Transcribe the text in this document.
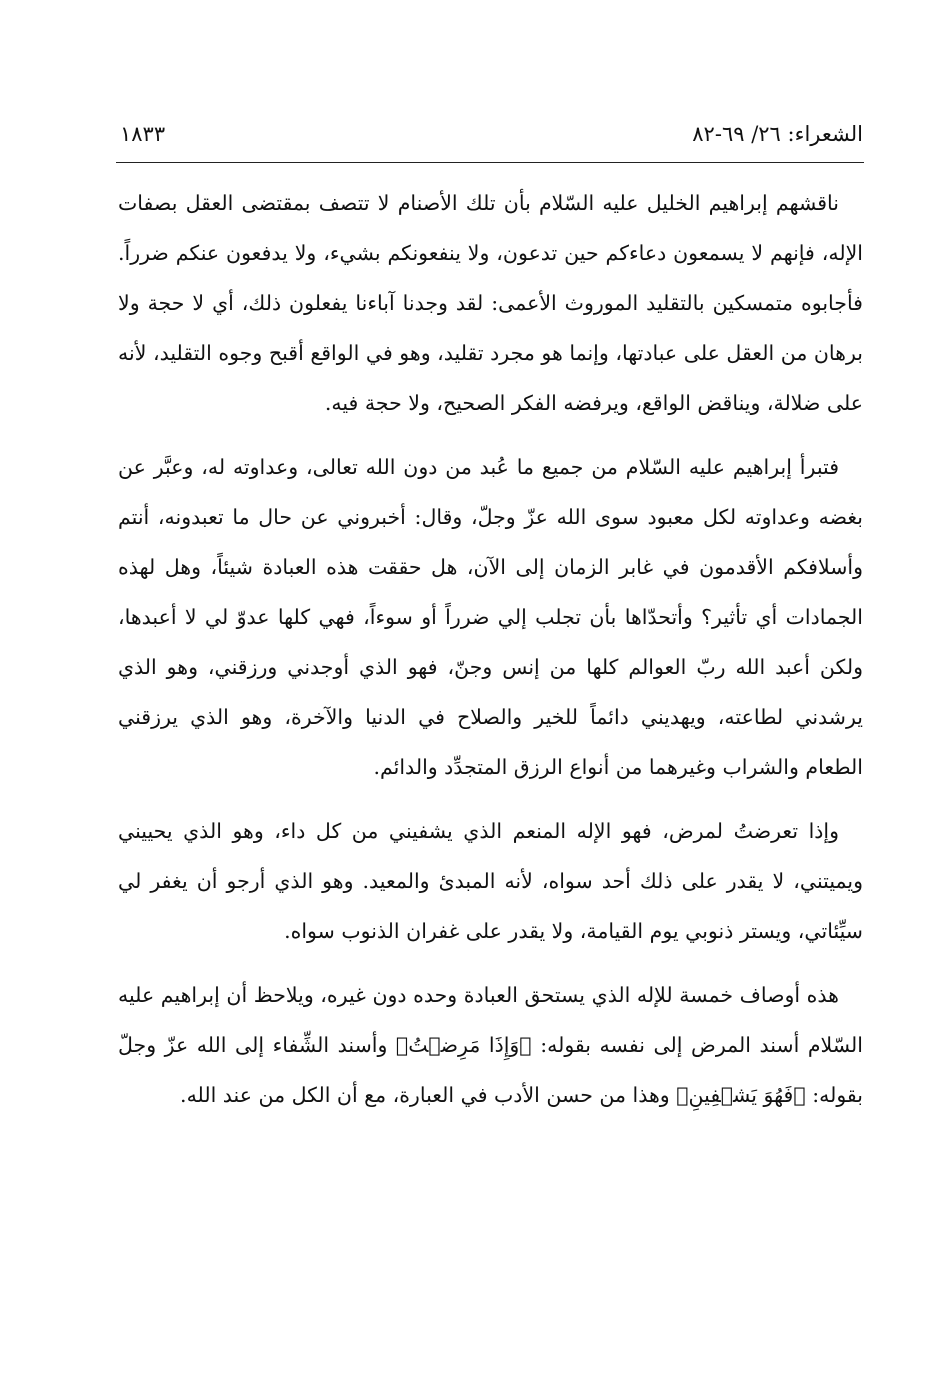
الشعراء: ٢٦/ ٦٩-٨٢
١٨٣٣

ناقشهم إبراهيم الخليل عليه السّلام بأن تلك الأصنام لا تتصف بمقتضى العقل بصفات الإله، فإنهم لا يسمعون دعاءكم حين تدعون، ولا ينفعونكم بشيء، ولا يدفعون عنكم ضرراً. فأجابوه متمسكين بالتقليد الموروث الأعمى: لقد وجدنا آباءنا يفعلون ذلك، أي لا حجة ولا برهان من العقل على عبادتها، وإنما هو مجرد تقليد، وهو في الواقع أقبح وجوه التقليد، لأنه على ضلالة، ويناقض الواقع، ويرفضه الفكر الصحيح، ولا حجة فيه.

فتبرأ إبراهيم عليه السّلام من جميع ما عُبد من دون الله تعالى، وعداوته له، وعبَّر عن بغضه وعداوته لكل معبود سوى الله عزّ وجلّ، وقال: أخبروني عن حال ما تعبدونه، أنتم وأسلافكم الأقدمون في غابر الزمان إلى الآن، هل حققت هذه العبادة شيئاً، وهل لهذه الجمادات أي تأثير؟ وأتحدّاها بأن تجلب إلي ضرراً أو سوءاً، فهي كلها عدوّ لي لا أعبدها، ولكن أعبد الله ربّ العوالم كلها من إنس وجنّ، فهو الذي أوجدني ورزقني، وهو الذي يرشدني لطاعته، ويهديني دائماً للخير والصلاح في الدنيا والآخرة، وهو الذي يرزقني الطعام والشراب وغيرهما من أنواع الرزق المتجدِّد والدائم.

وإذا تعرضتُ لمرض، فهو الإله المنعم الذي يشفيني من كل داء، وهو الذي يحييني ويميتني، لا يقدر على ذلك أحد سواه، لأنه المبدئ والمعيد. وهو الذي أرجو أن يغفر لي سيِّئاتي، ويستر ذنوبي يوم القيامة، ولا يقدر على غفران الذنوب سواه.

هذه أوصاف خمسة للإله الذي يستحق العبادة وحده دون غيره، ويلاحظ أن إبراهيم عليه السّلام أسند المرض إلى نفسه بقوله: ﴿وَإِذَا مَرِضۡتُ﴾ وأسند الشِّفاء إلى الله عزّ وجلّ بقوله: ﴿فَهُوَ يَشۡفِينِ﴾ وهذا من حسن الأدب في العبارة، مع أن الكل من عند الله.
